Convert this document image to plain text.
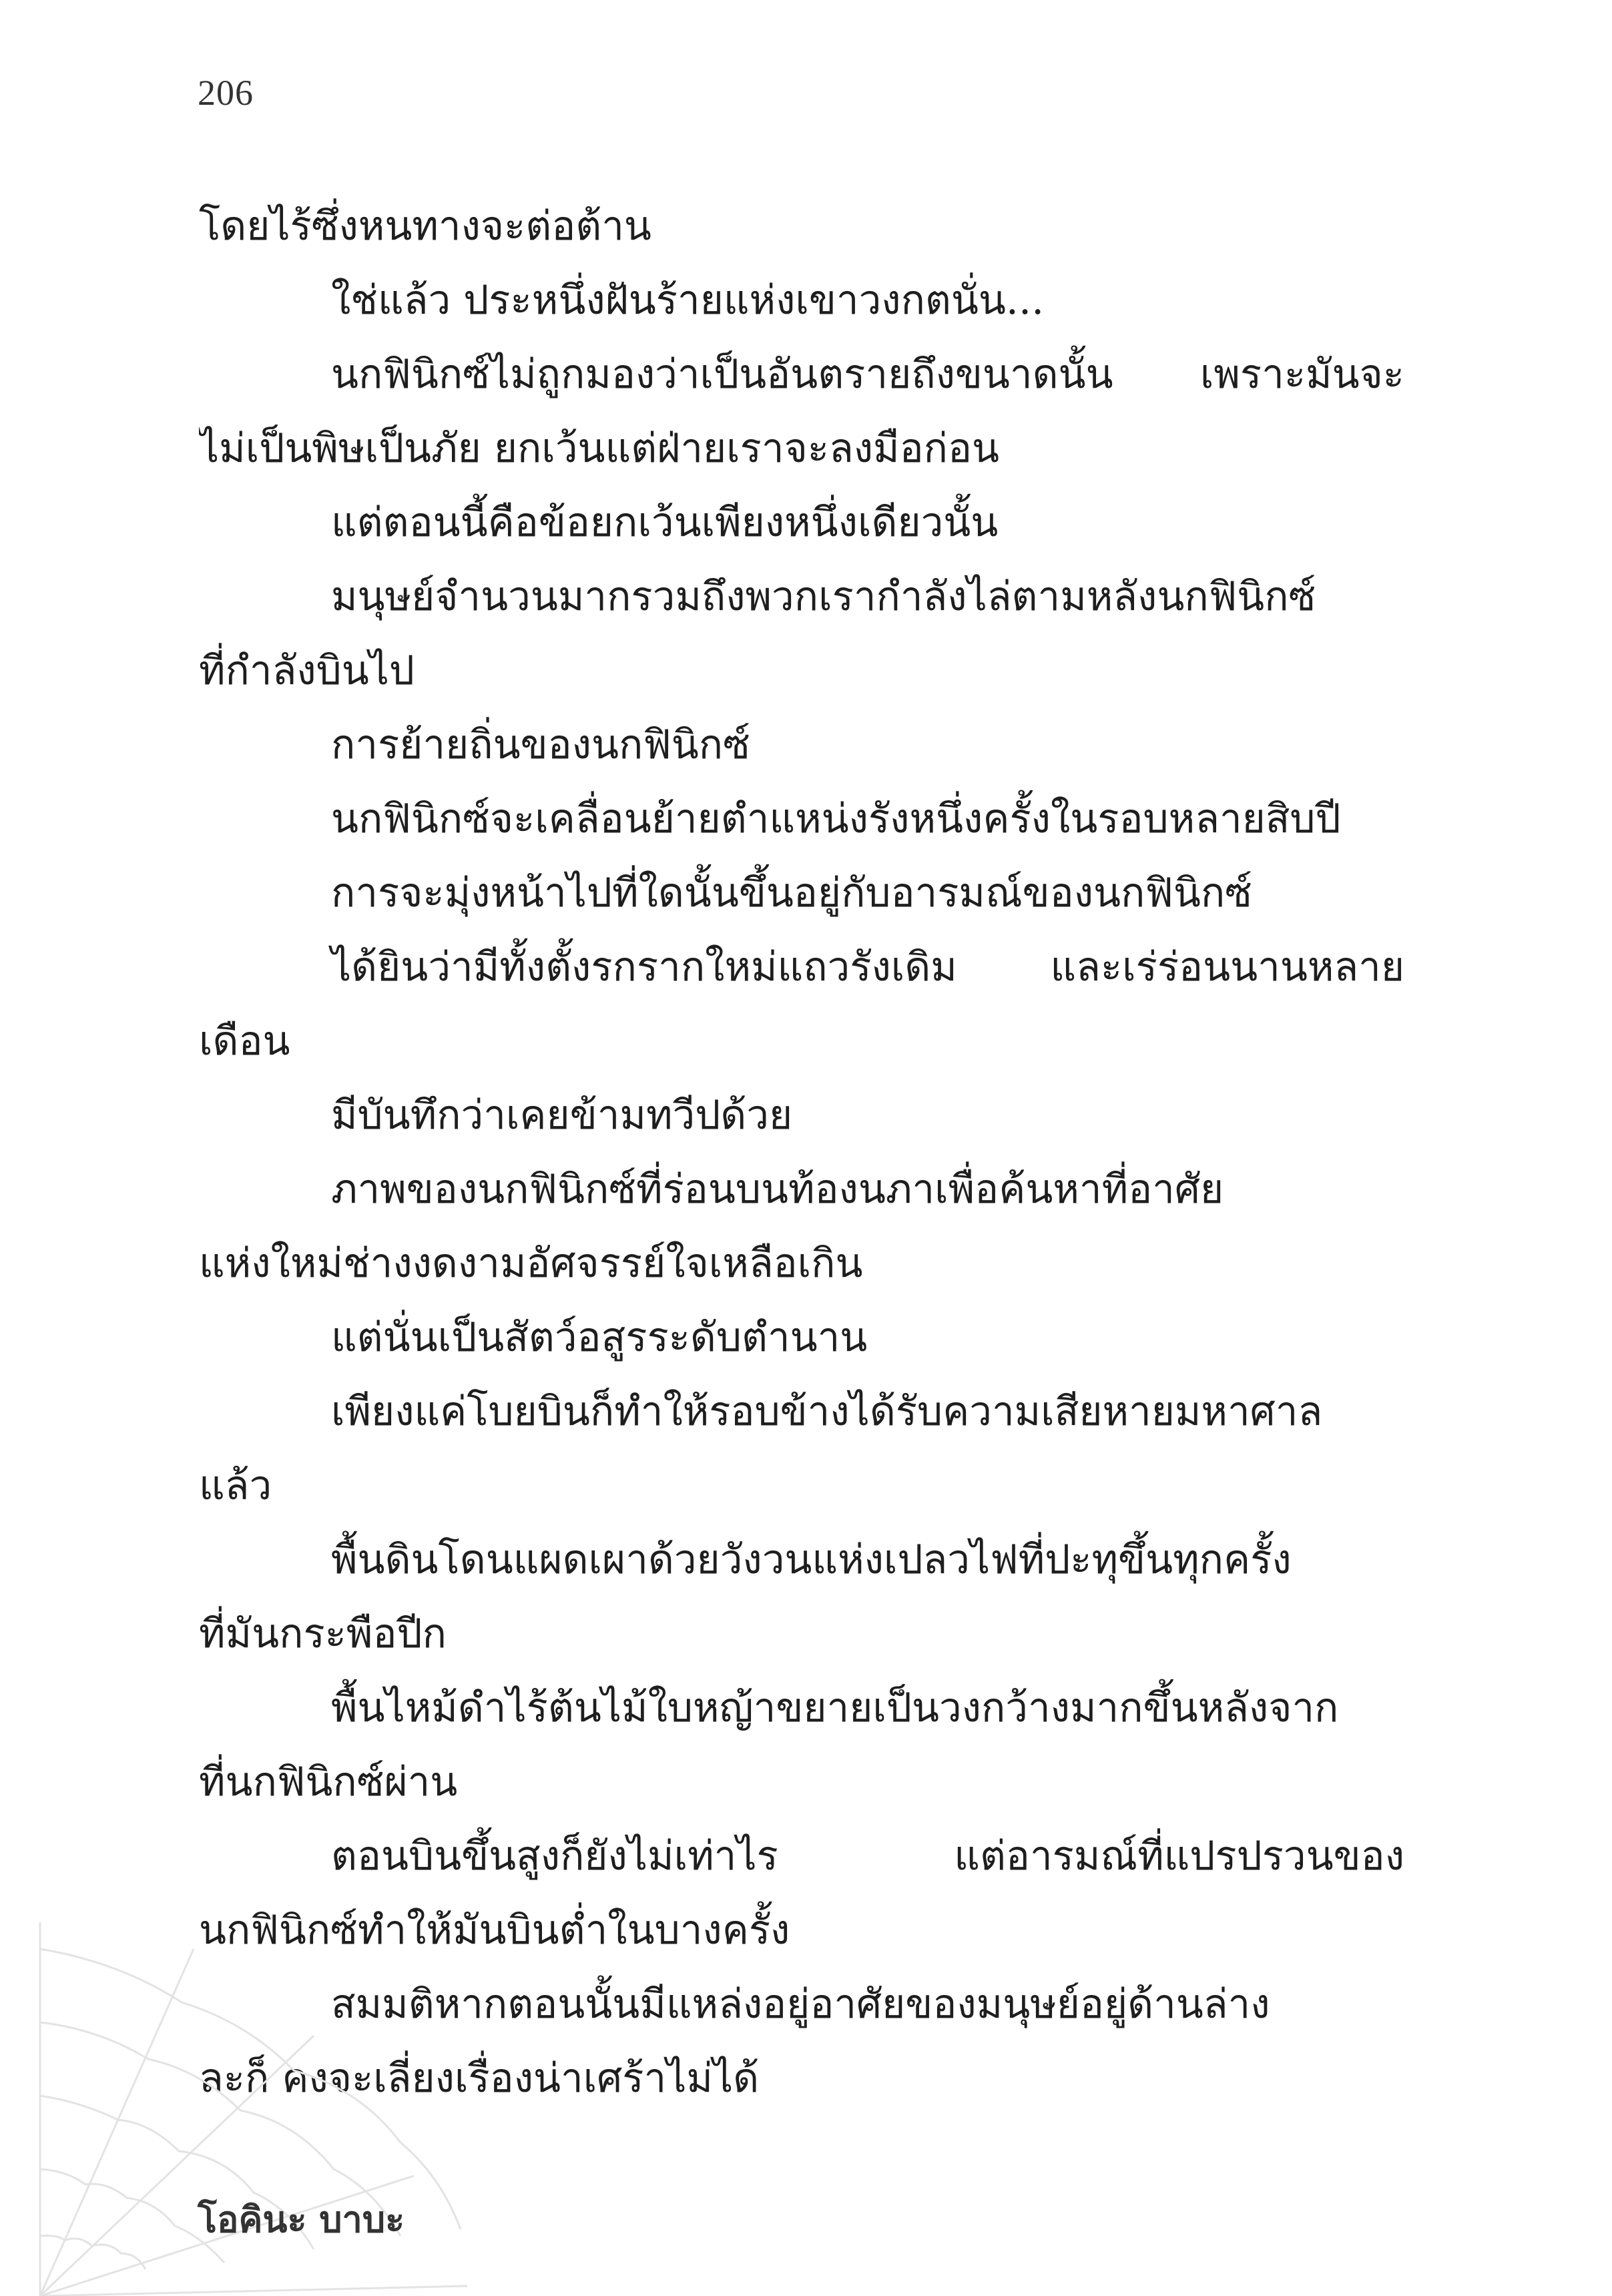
206
โดยไร้ซึ่งหนทางจะต่อต้าน
ใช่แล้ว ประหนึ่งฝันร้ายแห่งเขาวงกตนั่น...
นกฟินิกซ์ไม่ถูกมองว่าเป็นอันตรายถึงขนาดนั้น เพราะมันจะ
ไม่เป็นพิษเป็นภัย ยกเว้นแต่ฝ่ายเราจะลงมือก่อน
แต่ตอนนี้คือข้อยกเว้นเพียงหนึ่งเดียวนั้น
มนุษย์จำนวนมากรวมถึงพวกเรากำลังไล่ตามหลังนกฟินิกซ์
ที่กำลังบินไป
การย้ายถิ่นของนกฟินิกซ์
นกฟินิกซ์จะเคลื่อนย้ายตำแหน่งรังหนึ่งครั้งในรอบหลายสิบปี
การจะมุ่งหน้าไปที่ใดนั้นขึ้นอยู่กับอารมณ์ของนกฟินิกซ์
ได้ยินว่ามีทั้งตั้งรกรากใหม่แถวรังเดิม และเร่ร่อนนานหลาย
เดือน
มีบันทึกว่าเคยข้ามทวีปด้วย
ภาพของนกฟินิกซ์ที่ร่อนบนท้องนภาเพื่อค้นหาที่อาศัย
แห่งใหม่ช่างงดงามอัศจรรย์ใจเหลือเกิน
แต่นั่นเป็นสัตว์อสูรระดับตำนาน
เพียงแค่โบยบินก็ทำให้รอบข้างได้รับความเสียหายมหาศาล
แล้ว
พื้นดินโดนแผดเผาด้วยวังวนแห่งเปลวไฟที่ปะทุขึ้นทุกครั้ง
ที่มันกระพือปีก
พื้นไหม้ดำไร้ต้นไม้ใบหญ้าขยายเป็นวงกว้างมากขึ้นหลังจาก
ที่นกฟินิกซ์ผ่าน
ตอนบินขึ้นสูงก็ยังไม่เท่าไร แต่อารมณ์ที่แปรปรวนของ
นกฟินิกซ์ทำให้มันบินต่ำในบางครั้ง
สมมติหากตอนนั้นมีแหล่งอยู่อาศัยของมนุษย์อยู่ด้านล่าง
ละก็ คงจะเลี่ยงเรื่องน่าเศร้าไม่ได้
โอคินะ บาบะ
